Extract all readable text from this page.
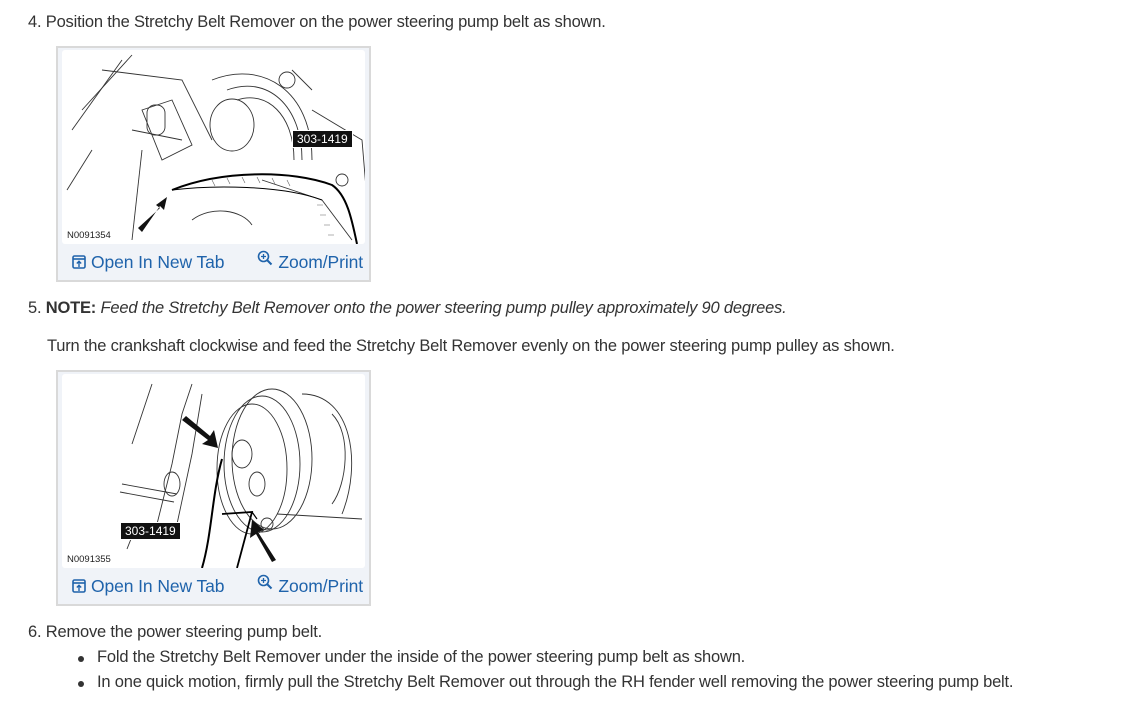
4. Position the Stretchy Belt Remover on the power steering pump belt as shown.
303-1419
N0091354
Open In New Tab	Zoom/Print
5. NOTE: Feed the Stretchy Belt Remover onto the power steering pump pulley approximately 90 degrees.
Turn the crankshaft clockwise and feed the Stretchy Belt Remover evenly on the power steering pump pulley as shown.
303-1419
N0091355
Open In New Tab	Zoom/Print
6. Remove the power steering pump belt.
Fold the Stretchy Belt Remover under the inside of the power steering pump belt as shown.
In one quick motion, firmly pull the Stretchy Belt Remover out through the RH fender well removing the power steering pump belt.
